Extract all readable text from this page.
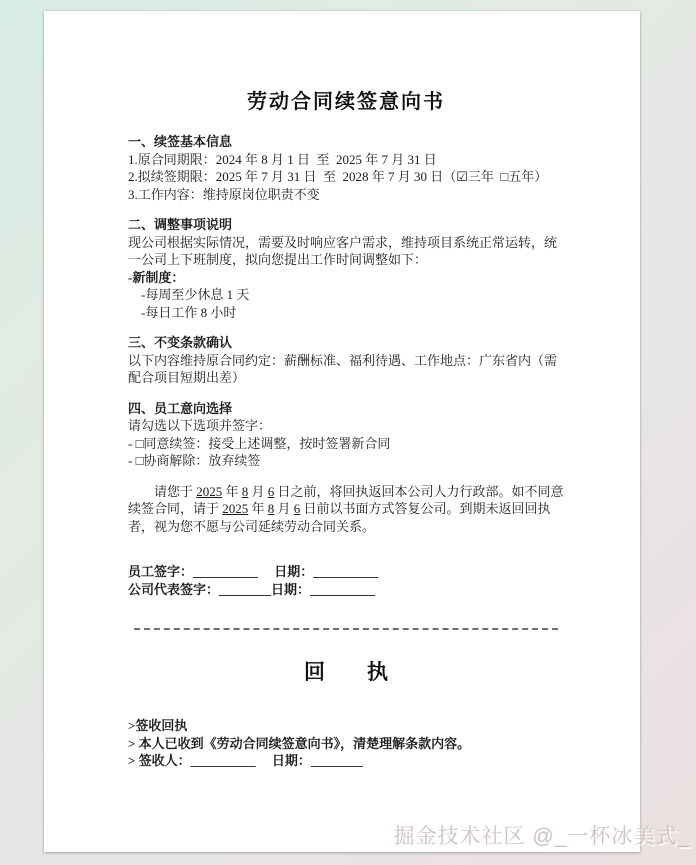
劳动合同续签意向书
一、续签基本信息
1.原合同期限：2024 年 8 月 1 日  至  2025 年 7 月 31 日
2.拟续签期限：2025 年 7 月 31 日  至  2028 年 7 月 30 日（☑三年  □五年）
3.工作内容：维持原岗位职责不变
二、调整事项说明
现公司根据实际情况，需要及时响应客户需求，维持项目系统正常运转，统一公司上下班制度，拟向您提出工作时间调整如下：
-新制度：
-每周至少休息 1 天
-每日工作 8 小时
三、不变条款确认
以下内容维持原合同约定：薪酬标准、福利待遇、工作地点：广东省内（需配合项目短期出差）
四、员工意向选择
请勾选以下选项并签字：
- □同意续签：接受上述调整，按时签署新合同
- □协商解除：放弃续签

请您于 2025 年 8 月 6 日之前，将回执返回本公司人力行政部。如不同意续签合同，请于 2025 年 8 月 6 日前以书面方式答复公司。到期未返回回执者，视为您不愿与公司延续劳动合同关系。

员工签字：__________ 　日期：__________
公司代表签字：________日期：__________
回　　执
>签收回执
> 本人已收到《劳动合同续签意向书》，清楚理解条款内容。
> 签收人：__________ 　日期：________
掘金技术社区 @_一杯冰美式_
